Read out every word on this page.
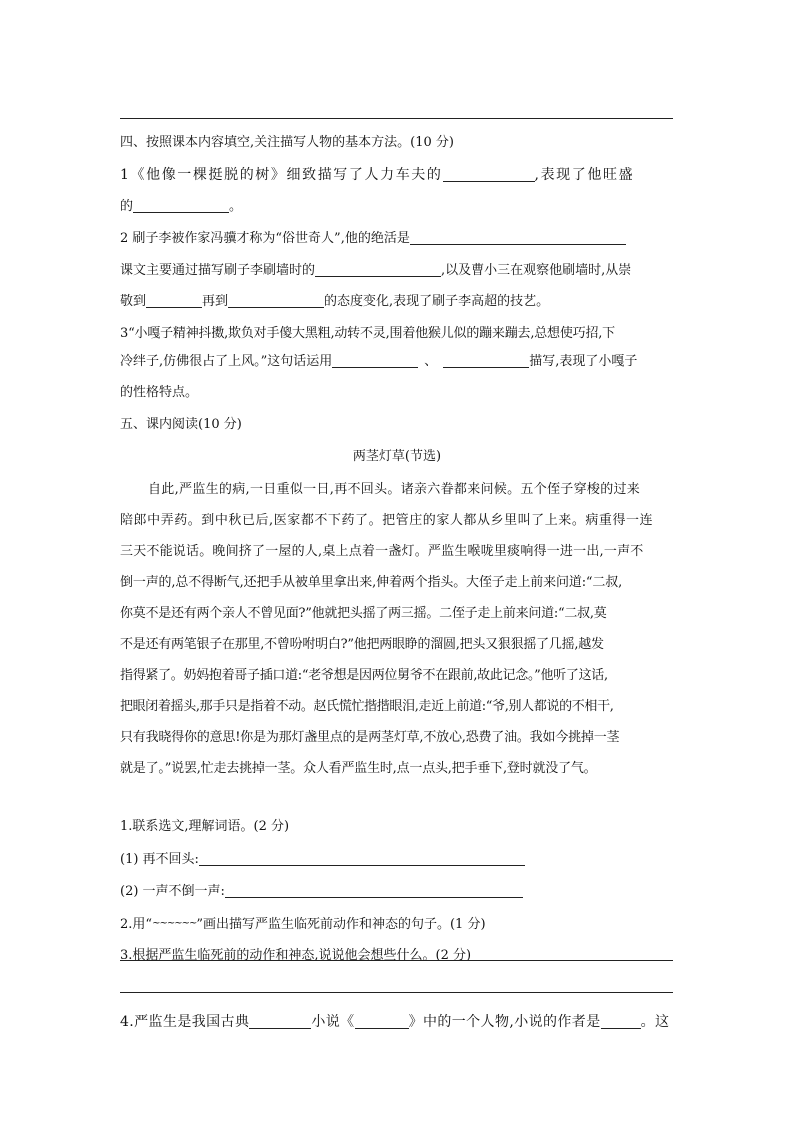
四、按照课本内容填空,关注描写人物的基本方法。(10 分)
1《他像一棵挺脱的树》细致描写了人力车夫的	,表现了他旺盛
的	。
2 刷子李被作家冯骥才称为“俗世奇人”,他的绝活是
课文主要通过描写刷子李刷墙时的	,以及曹小三在观察他刷墙时,从崇
敬到	再到	的态度变化,表现了刷子李高超的技艺。
3“小嘎子精神抖擞,欺负对手傻大黑粗,动转不灵,围着他猴儿似的蹦来蹦去,总想使巧招,下
冷绊子,仿佛很占了上风。”这句话运用	、	描写,表现了小嘎子
的性格特点。
五、课内阅读(10 分)
两茎灯草(节选)
自此,严监生的病,一日重似一日,再不回头。诸亲六眷都来问候。五个侄子穿梭的过来
陪郎中弄药。到中秋已后,医家都不下药了。把管庄的家人都从乡里叫了上来。病重得一连
三天不能说话。晚间挤了一屋的人,桌上点着一盏灯。严监生喉咙里痰响得一进一出,一声不
倒一声的,总不得断气,还把手从被单里拿出来,伸着两个指头。大侄子走上前来问道:“二叔,
你莫不是还有两个亲人不曾见面?”他就把头摇了两三摇。二侄子走上前来问道:“二叔,莫
不是还有两笔银子在那里,不曾吩咐明白?”他把两眼睁的溜圆,把头又狠狠摇了几摇,越发
指得紧了。奶妈抱着哥子插口道:“老爷想是因两位舅爷不在跟前,故此记念。”他听了这话,
把眼闭着摇头,那手只是指着不动。赵氏慌忙揩揩眼泪,走近上前道:“爷,别人都说的不相干,
只有我晓得你的意思!你是为那灯盏里点的是两茎灯草,不放心,恐费了油。我如今挑掉一茎
就是了。”说罢,忙走去挑掉一茎。众人看严监生时,点一点头,把手垂下,登时就没了气。
1.联系选文,理解词语。(2 分)
(1) 再不回头:
(2) 一声不倒一声:
2.用“~~~~~~”画出描写严监生临死前动作和神态的句子。(1 分)
3.根据严监生临死前的动作和神态,说说他会想些什么。(2 分)
4.严监生是我国古典	小说《	》中的一个人物,小说的作者是	。这
